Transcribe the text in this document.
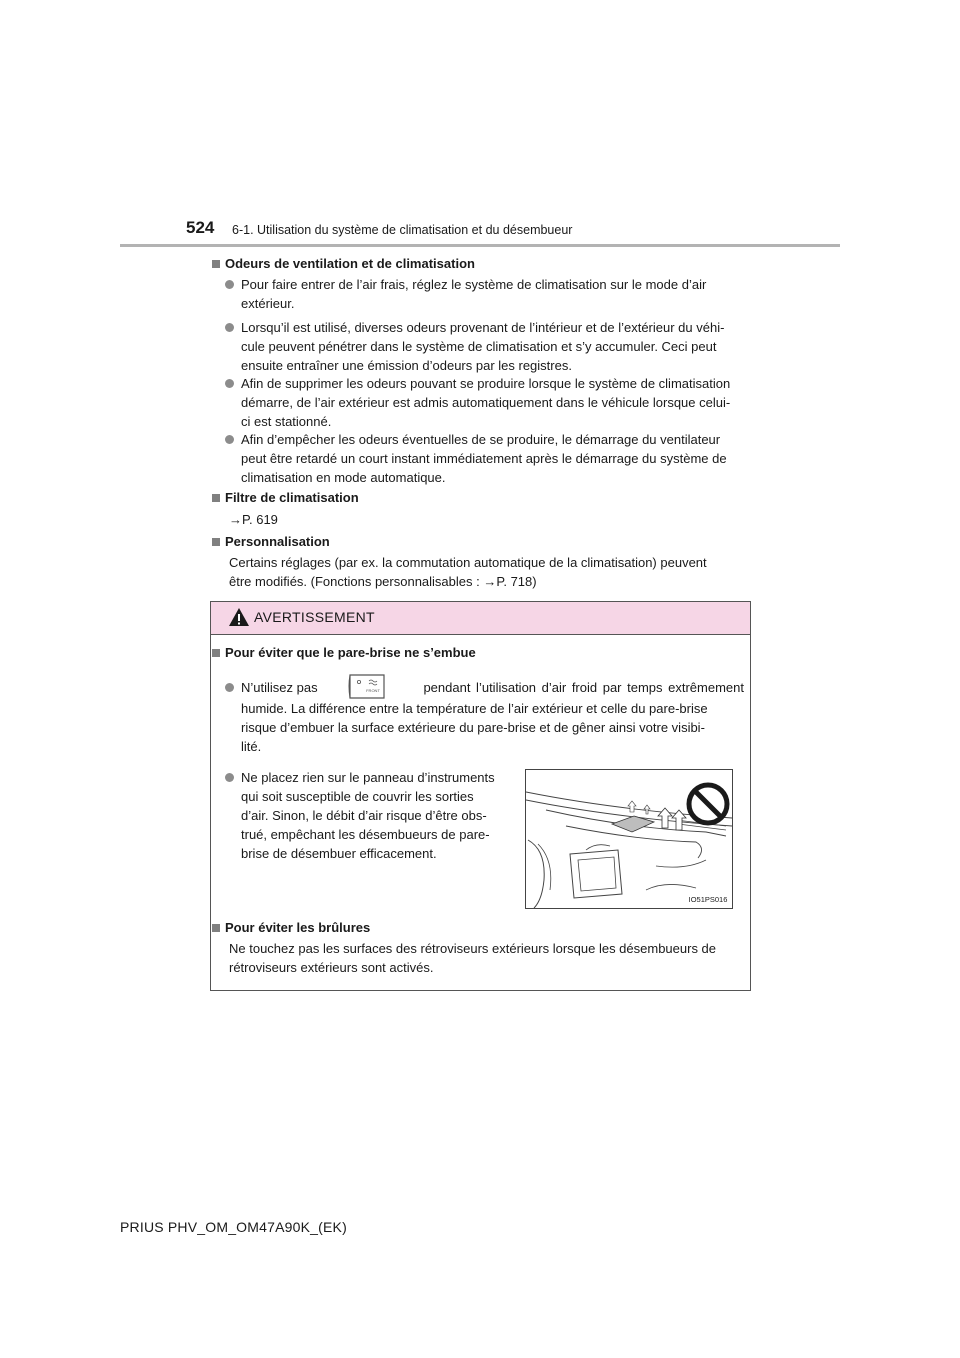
524 6-1. Utilisation du système de climatisation et du désembueur
Odeurs de ventilation et de climatisation
Pour faire entrer de l’air frais, réglez le système de climatisation sur le mode d’air
extérieur.
Lorsqu’il est utilisé, diverses odeurs provenant de l’intérieur et de l’extérieur du véhi-
cule peuvent pénétrer dans le système de climatisation et s’y accumuler. Ceci peut
ensuite entraîner une émission d’odeurs par les registres.
Afin de supprimer les odeurs pouvant se produire lorsque le système de climatisation
démarre, de l’air extérieur est admis automatiquement dans le véhicule lorsque celui-
ci est stationné.
Afin d’empêcher les odeurs éventuelles de se produire, le démarrage du ventilateur
peut être retardé un court instant immédiatement après le démarrage du système de
climatisation en mode automatique.
Filtre de climatisation
→P. 619
Personnalisation
Certains réglages (par ex. la commutation automatique de la climatisation) peuvent
être modifiés. (Fonctions personnalisables : →P. 718)
AVERTISSEMENT
Pour éviter que le pare-brise ne s’embue
N’utilisez pas	pendant l’utilisation d’air froid par temps extrêmement
FRONT
humide. La différence entre la température de l’air extérieur et celle du pare-brise
risque d’embuer la surface extérieure du pare-brise et de gêner ainsi votre visibi-
lité.
Ne placez rien sur le panneau d’instruments
qui soit susceptible de couvrir les sorties
d’air. Sinon, le débit d’air risque d’être obs-
trué, empêchant les désembueurs de pare-
brise de désembuer efficacement.
IO51PS016
Pour éviter les brûlures
Ne touchez pas les surfaces des rétroviseurs extérieurs lorsque les désembueurs de
rétroviseurs extérieurs sont activés.
PRIUS PHV_OM_OM47A90K_(EK)
